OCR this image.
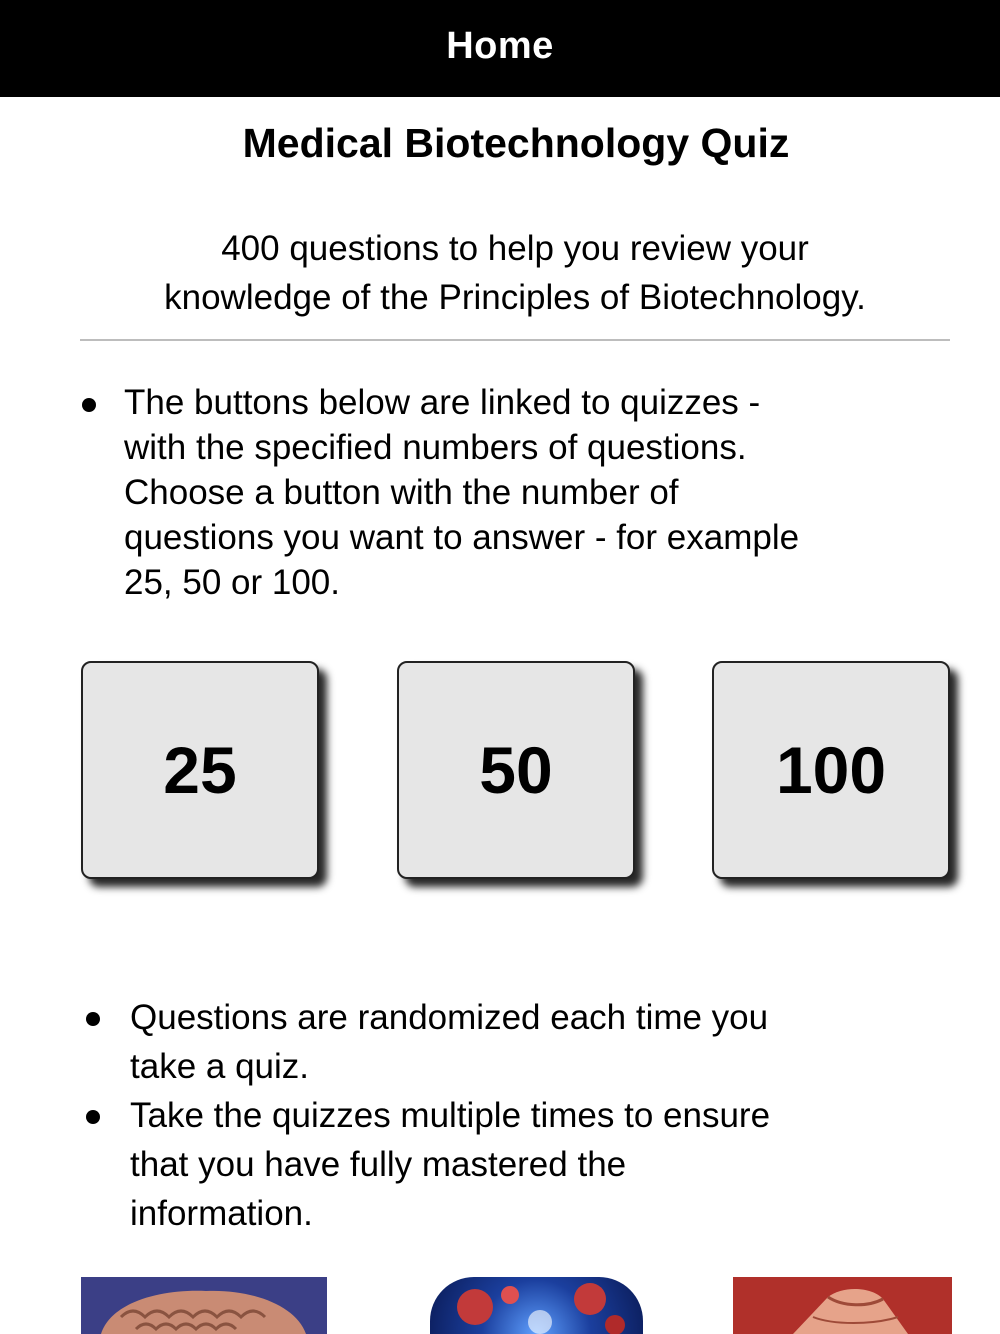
Home
Medical Biotechnology Quiz
400 questions to help you review your
knowledge of the Principles of Biotechnology.
The buttons below are linked to quizzes -
with the specified numbers of questions.
Choose a button with the number of
questions you want to answer - for example
25, 50 or 100.
25	50	100
Questions are randomized each time you
take a quiz.
Take the quizzes multiple times to ensure
that you have fully mastered the
information.
